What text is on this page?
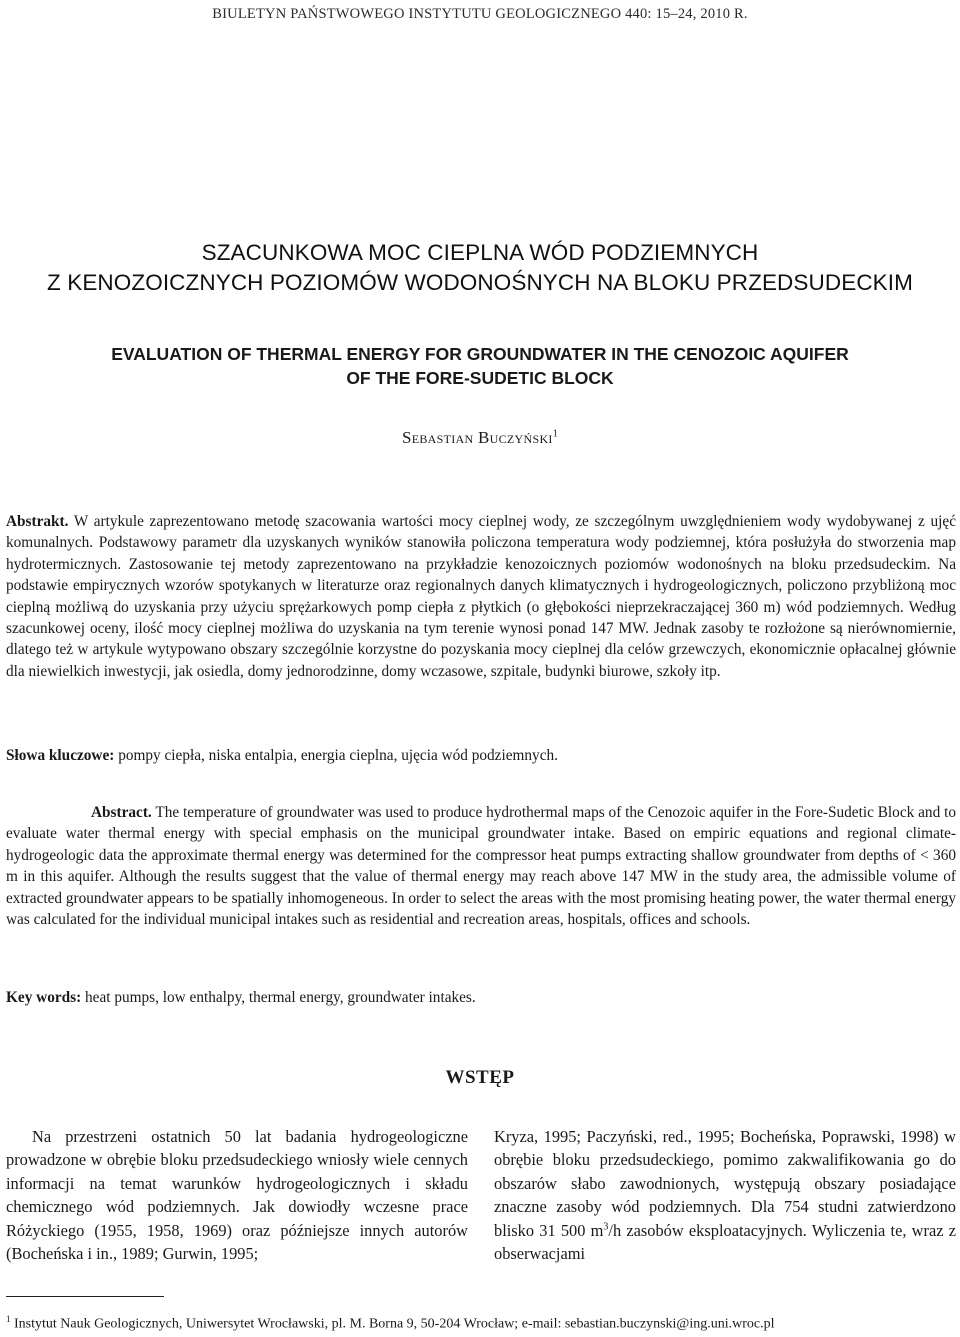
BIULETYN PAŃSTWOWEGO INSTYTUTU GEOLOGICZNEGO 440: 15–24, 2010 R.
SZACUNKOWA MOC CIEPLNA WÓD PODZIEMNYCH
Z KENOZOICZNYCH POZIOMÓW WODONOŚNYCH NA BLOKU PRZEDSUDECKIM
EVALUATION OF THERMAL ENERGY FOR GROUNDWATER IN THE CENOZOIC AQUIFER
OF THE FORE-SUDETIC BLOCK
Sebastian Buczyński$^1$
Abstrakt. W artykule zaprezentowano metodę szacowania wartości mocy cieplnej wody, ze szczególnym uwzględnieniem wody wydobywanej z ujęć komunalnych. Podstawowy parametr dla uzyskanych wyników stanowiła policzona temperatura wody podziemnej, która posłużyła do stworzenia map hydrotermicznych. Zastosowanie tej metody zaprezentowano na przykładzie kenozoicznych poziomów wodonośnych na bloku przedsudeckim. Na podstawie empirycznych wzorów spotykanych w literaturze oraz regionalnych danych klimatycznych i hydrogeologicznych, policzono przybliżoną moc cieplną możliwą do uzyskania przy użyciu sprężarkowych pomp ciepła z płytkich (o głębokości nieprzekraczającej 360 m) wód podziemnych. Według szacunkowej oceny, ilość mocy cieplnej możliwa do uzyskania na tym terenie wynosi ponad 147 MW. Jednak zasoby te rozłożone są nierównomiernie, dlatego też w artykule wytypowano obszary szczególnie korzystne do pozyskania mocy cieplnej dla celów grzewczych, ekonomicznie opłacalnej głównie dla niewielkich inwestycji, jak osiedla, domy jednorodzinne, domy wczasowe, szpitale, budynki biurowe, szkoły itp.
Słowa kluczowe: pompy ciepła, niska entalpia, energia cieplna, ujęcia wód podziemnych.
Abstract. The temperature of groundwater was used to produce hydrothermal maps of the Cenozoic aquifer in the Fore-Sudetic Block and to evaluate water thermal energy with special emphasis on the municipal groundwater intake. Based on empiric equations and regional climate-hydrogeologic data the approximate thermal energy was determined for the compressor heat pumps extracting shallow groundwater from depths of < 360 m in this aquifer. Although the results suggest that the value of thermal energy may reach above 147 MW in the study area, the admissible volume of extracted groundwater appears to be spatially inhomogeneous. In order to select the areas with the most promising heating power, the water thermal energy was calculated for the individual municipal intakes such as residential and recreation areas, hospitals, offices and schools.
Key words: heat pumps, low enthalpy, thermal energy, groundwater intakes.
WSTĘP
Na przestrzeni ostatnich 50 lat badania hydrogeologiczne prowadzone w obrębie bloku przedsudeckiego wniosły wiele cennych informacji na temat warunków hydrogeologicznych i składu chemicznego wód podziemnych. Jak dowiodły wczesne prace Różyckiego (1955, 1958, 1969) oraz późniejsze innych autorów (Bocheńska i in., 1989; Gurwin, 1995;
Kryza, 1995; Paczyński, red., 1995; Bocheńska, Poprawski, 1998) w obrębie bloku przedsudeckiego, pomimo zakwalifikowania go do obszarów słabo zawodnionych, występują obszary posiadające znaczne zasoby wód podziemnych. Dla 754 studni zatwierdzono blisko 31 500 $m^3/h$ zasobów eksploatacyjnych. Wyliczenia te, wraz z obserwacjami
$^1$ Instytut Nauk Geologicznych, Uniwersytet Wrocławski, pl. M. Borna 9, 50-204 Wrocław; e-mail: sebastian.buczynski@ing.uni.wroc.pl
